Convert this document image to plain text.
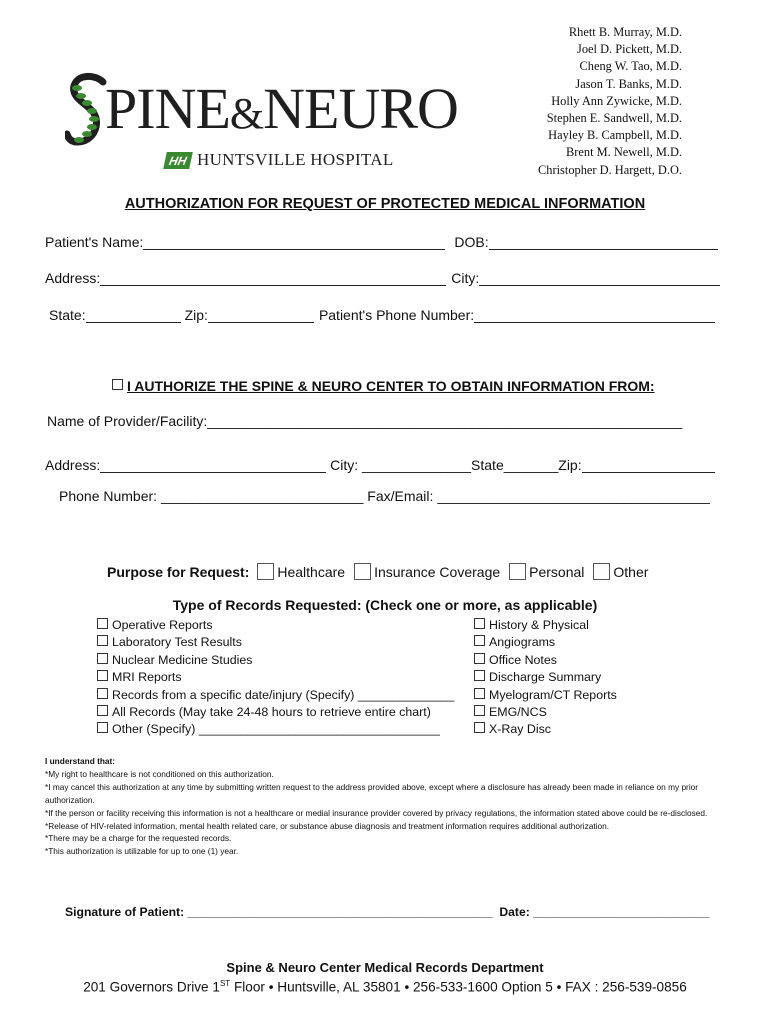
Rhett B. Murray, M.D.
Joel D. Pickett, M.D.
Cheng W. Tao, M.D.
Jason T. Banks, M.D.
Holly Ann Zywicke, M.D.
Stephen E. Sandwell, M.D.
Hayley B. Campbell, M.D.
Brent M. Newell, M.D.
Christopher D. Hargett, D.O.
PINE&NEURO
HH HUNTSVILLE HOSPITAL
AUTHORIZATION FOR REQUEST OF PROTECTED MEDICAL INFORMATION
Patient's Name:	DOB:
Address:	City:
State:	Zip:	Patient's Phone Number:
I AUTHORIZE THE SPINE & NEURO CENTER TO OBTAIN INFORMATION FROM:
Name of Provider/Facility: _____________________________________________________________
Address:	City: ______________ State _______ Zip:
Phone Number: __________________________ Fax/Email: ___________________________________
Purpose for Request: Healthcare Insurance Coverage Personal Other
Type of Records Requested: (Check one or more, as applicable)
Operative Reports
Laboratory Test Results
Nuclear Medicine Studies
MRI Reports
Records from a specific date/injury (Specify) ______________
All Records (May take 24-48 hours to retrieve entire chart)
Other (Specify) ___________________________________
History & Physical
Angiograms
Office Notes
Discharge Summary
Myelogram/CT Reports
EMG/NCS
X-Ray Disc
I understand that:
*My right to healthcare is not conditioned on this authorization.
*I may cancel this authorization at any time by submitting written request to the address provided above, except where a disclosure has already been made in reliance on my prior authorization.
*If the person or facility receiving this information is not a healthcare or medial insurance provider covered by privacy regulations, the information stated above could be re-disclosed.
*Release of HIV-related information, mental health related care, or substance abuse diagnosis and treatment information requires additional authorization.
*There may be a charge for the requested records.
*This authorization is utilizable for up to one (1) year.
Signature of Patient: _____________________________________________  Date: __________________________
Spine & Neuro Center Medical Records Department
201 Governors Drive 1ST Floor • Huntsville, AL 35801 • 256-533-1600 Option 5 • FAX : 256-539-0856
